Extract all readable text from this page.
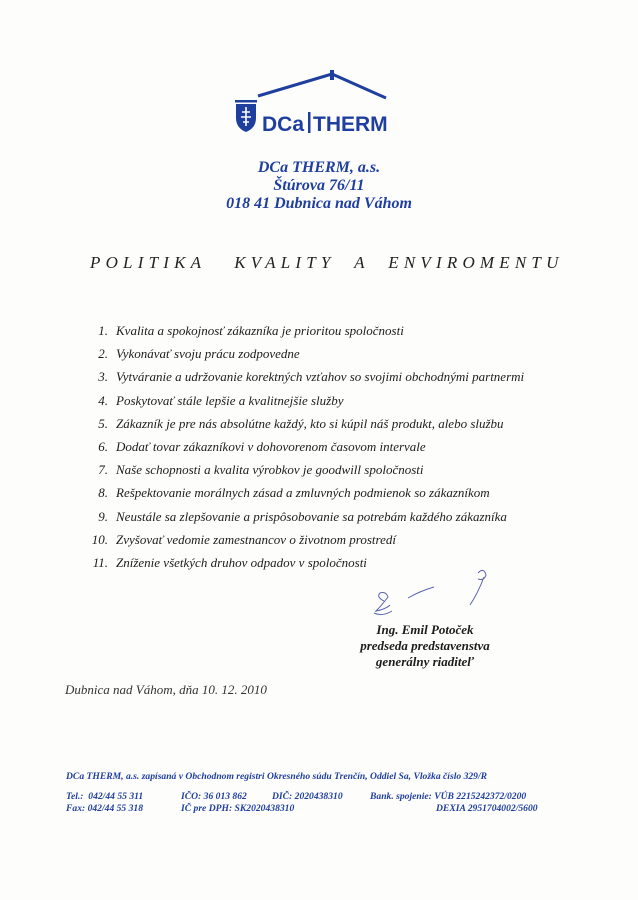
DCa THERM
DCa THERM, a.s.
Štúrova 76/11
018 41 Dubnica nad Váhom
POLITIKA   KVALITY  A  ENVIROMENTU
1. Kvalita a spokojnosť zákazníka je prioritou spoločnosti
2. Vykonávať svoju prácu zodpovedne
3. Vytváranie a udržovanie korektných vzťahov so svojimi obchodnými partnermi
4. Poskytovať stále lepšie a kvalitnejšie služby
5. Zákazník je pre nás absolútne každý, kto si kúpil náš produkt, alebo službu
6. Dodať tovar zákazníkovi v dohovorenom časovom intervale
7. Naše schopnosti a kvalita výrobkov je goodwill spoločnosti
8. Rešpektovanie morálnych zásad a zmluvných podmienok so zákazníkom
9. Neustále sa zlepšovanie a prispôsobovanie sa potrebám každého zákazníka
10. Zvyšovať vedomie zamestnancov o životnom prostredí
11. Zníženie všetkých druhov odpadov v spoločnosti
Ing. Emil Potoček
predseda predstavenstva
generálny riaditeľ
Dubnica nad Váhom, dňa 10. 12. 2010
DCa THERM, a.s. zapísaná v Obchodnom registri Okresného súdu Trenčín, Oddiel Sa, Vložka číslo 329/R
Tel.:  042/44 55 311
Fax: 042/44 55 318
IČO: 36 013 862
IČ pre DPH: SK2020438310
DIČ: 2020438310	Bank. spojenie: VÚB 2215242372/0200
DEXIA 2951704002/5600
